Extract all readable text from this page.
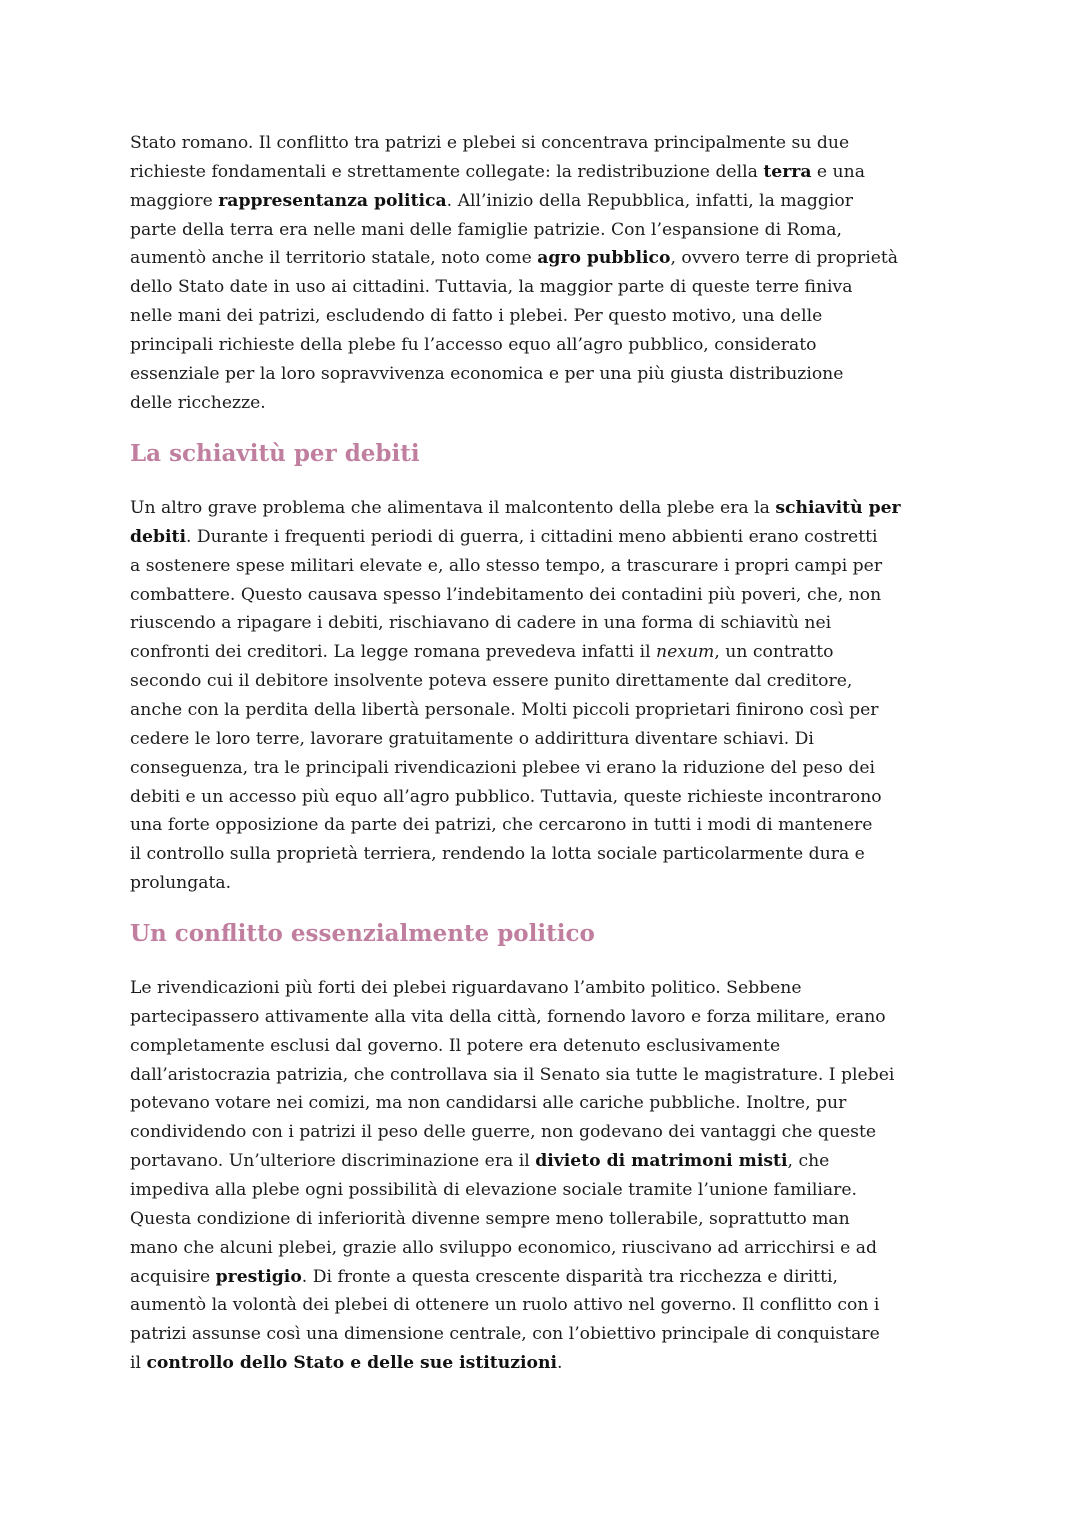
Stato romano. Il conflitto tra patrizi e plebei si concentrava principalmente su due
richieste fondamentali e strettamente collegate: la redistribuzione della terra e una
maggiore rappresentanza politica. All’inizio della Repubblica, infatti, la maggior
parte della terra era nelle mani delle famiglie patrizie. Con l’espansione di Roma,
aumentò anche il territorio statale, noto come agro pubblico, ovvero terre di proprietà
dello Stato date in uso ai cittadini. Tuttavia, la maggior parte di queste terre finiva
nelle mani dei patrizi, escludendo di fatto i plebei. Per questo motivo, una delle
principali richieste della plebe fu l’accesso equo all’agro pubblico, considerato
essenziale per la loro sopravvivenza economica e per una più giusta distribuzione
delle ricchezze.
La schiavitù per debiti
Un altro grave problema che alimentava il malcontento della plebe era la schiavitù per
debiti. Durante i frequenti periodi di guerra, i cittadini meno abbienti erano costretti
a sostenere spese militari elevate e, allo stesso tempo, a trascurare i propri campi per
combattere. Questo causava spesso l’indebitamento dei contadini più poveri, che, non
riuscendo a ripagare i debiti, rischiavano di cadere in una forma di schiavitù nei
confronti dei creditori. La legge romana prevedeva infatti il nexum, un contratto
secondo cui il debitore insolvente poteva essere punito direttamente dal creditore,
anche con la perdita della libertà personale. Molti piccoli proprietari finirono così per
cedere le loro terre, lavorare gratuitamente o addirittura diventare schiavi. Di
conseguenza, tra le principali rivendicazioni plebee vi erano la riduzione del peso dei
debiti e un accesso più equo all’agro pubblico. Tuttavia, queste richieste incontrarono
una forte opposizione da parte dei patrizi, che cercarono in tutti i modi di mantenere
il controllo sulla proprietà terriera, rendendo la lotta sociale particolarmente dura e
prolungata.
Un conflitto essenzialmente politico
Le rivendicazioni più forti dei plebei riguardavano l’ambito politico. Sebbene
partecipassero attivamente alla vita della città, fornendo lavoro e forza militare, erano
completamente esclusi dal governo. Il potere era detenuto esclusivamente
dall’aristocrazia patrizia, che controllava sia il Senato sia tutte le magistrature. I plebei
potevano votare nei comizi, ma non candidarsi alle cariche pubbliche. Inoltre, pur
condividendo con i patrizi il peso delle guerre, non godevano dei vantaggi che queste
portavano. Un’ulteriore discriminazione era il divieto di matrimoni misti, che
impediva alla plebe ogni possibilità di elevazione sociale tramite l’unione familiare.
Questa condizione di inferiorità divenne sempre meno tollerabile, soprattutto man
mano che alcuni plebei, grazie allo sviluppo economico, riuscivano ad arricchirsi e ad
acquisire prestigio. Di fronte a questa crescente disparità tra ricchezza e diritti,
aumentò la volontà dei plebei di ottenere un ruolo attivo nel governo. Il conflitto con i
patrizi assunse così una dimensione centrale, con l’obiettivo principale di conquistare
il controllo dello Stato e delle sue istituzioni.
